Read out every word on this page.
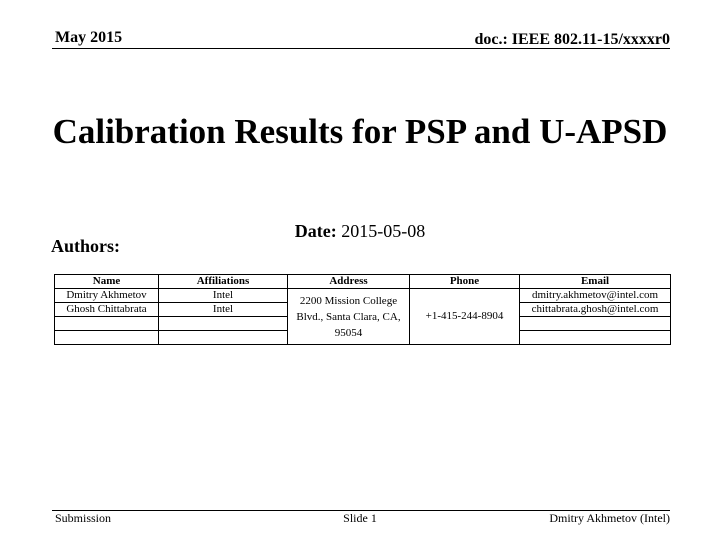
May 2015	doc.: IEEE 802.11-15/xxxxr0
Calibration Results for PSP and U-APSD
Date: 2015-05-08
Authors:
Name	Affiliations	Address	Phone	Email
Dmitry Akhmetov	Intel	2200 Mission College Blvd., Santa Clara, CA, 95054	+1-415-244-8904	dmitry.akhmetov@intel.com
Ghosh Chittabrata	Intel			chittabrata.ghosh@intel.com

Submission	Slide 1	Dmitry Akhmetov (Intel)
